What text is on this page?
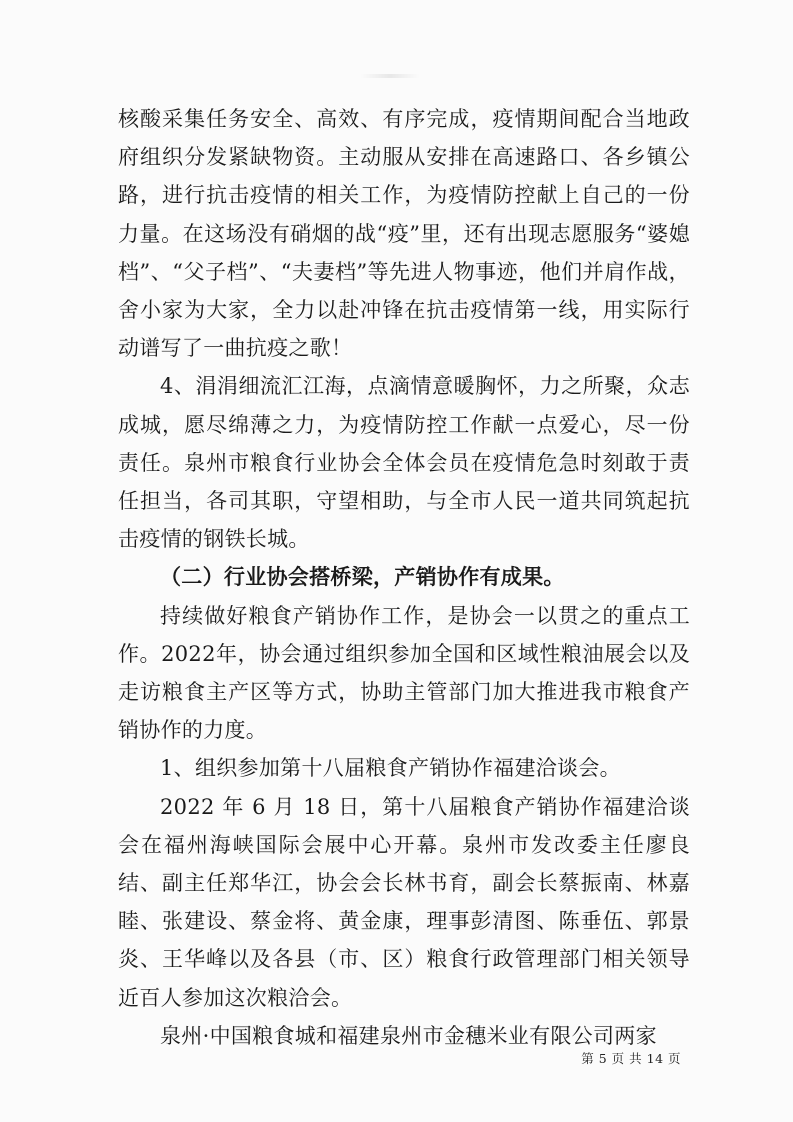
核酸采集任务安全、高效、有序完成，疫情期间配合当地政府组织分发紧缺物资。主动服从安排在高速路口、各乡镇公路，进行抗击疫情的相关工作，为疫情防控献上自己的一份力量。在这场没有硝烟的战“疫”里，还有出现志愿服务“婆媳档”、“父子档”、“夫妻档”等先进人物事迹，他们并肩作战，舍小家为大家，全力以赴冲锋在抗击疫情第一线，用实际行动谱写了一曲抗疫之歌！

4、涓涓细流汇江海，点滴情意暖胸怀，力之所聚，众志成城，愿尽绵薄之力，为疫情防控工作献一点爱心，尽一份责任。泉州市粮食行业协会全体会员在疫情危急时刻敢于责任担当，各司其职，守望相助，与全市人民一道共同筑起抗击疫情的钢铁长城。

（二）行业协会搭桥梁，产销协作有成果。

持续做好粮食产销协作工作，是协会一以贯之的重点工作。2022年，协会通过组织参加全国和区域性粮油展会以及走访粮食主产区等方式，协助主管部门加大推进我市粮食产销协作的力度。

1、组织参加第十八届粮食产销协作福建洽谈会。

2022 年 6 月 18 日，第十八届粮食产销协作福建洽谈会在福州海峡国际会展中心开幕。泉州市发改委主任廖良结、副主任郑华江，协会会长林书育，副会长蔡振南、林嘉睦、张建设、蔡金将、黄金康，理事彭清图、陈垂伍、郭景炎、王华峰以及各县（市、区）粮食行政管理部门相关领导近百人参加这次粮洽会。

泉州·中国粮食城和福建泉州市金穗米业有限公司两家

第 5 页 共 14 页
